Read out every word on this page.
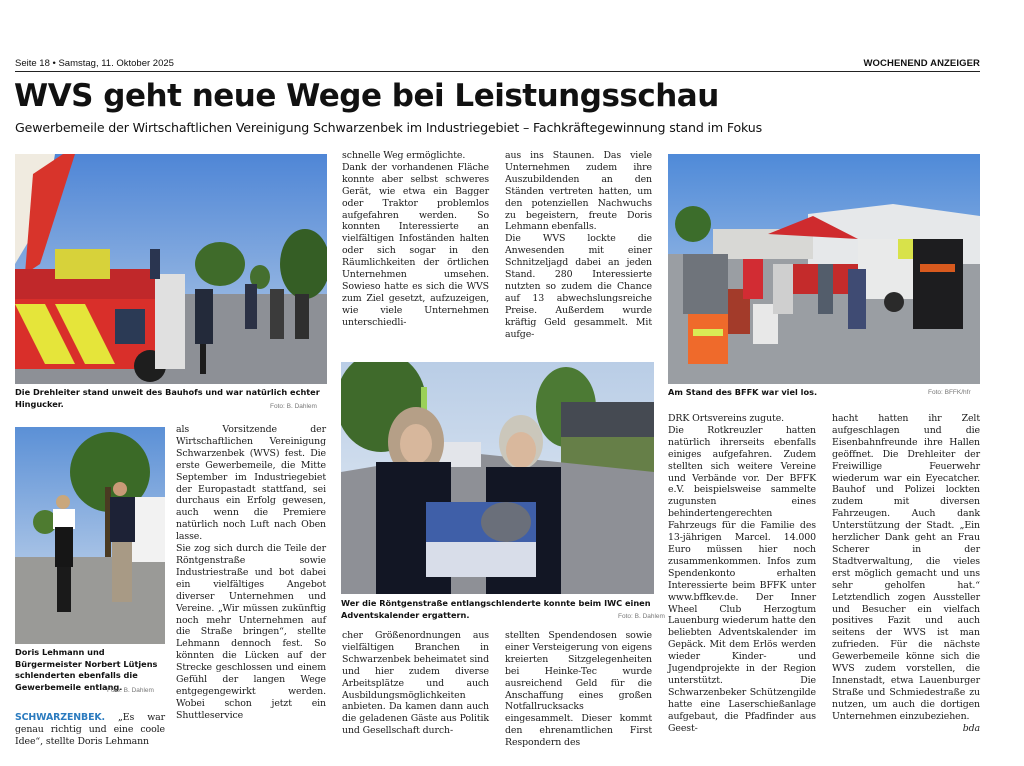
Seite 18 • Samstag, 11. Oktober 2025	WOCHENEND ANZEIGER
WVS geht neue Wege bei Leistungsschau
Gewerbemeile der Wirtschaftlichen Vereinigung Schwarzenbek im Industriegebiet – Fachkräftegewinnung stand im Fokus
Die Drehleiter stand unweit des Bauhofs und war natürlich echter Hingucker.	Foto: B. Dahlem

schnelle Weg ermöglichte.

Dank der vorhandenen Fläche konnte aber selbst schweres Gerät, wie etwa ein Bagger oder Traktor problemlos aufgefahren werden. So konnten Interessierte an vielfältigen Infoständen halten oder sich sogar in den Räumlichkeiten der örtlichen Unternehmen umsehen. Sowieso hatte es sich die WVS zum Ziel gesetzt, aufzuzeigen, wie viele Unternehmen unterschiedli-

aus ins Staunen. Das viele Unternehmen zudem ihre Auszubildenden an den Ständen vertreten hatten, um den potenziellen Nachwuchs zu begeistern, freute Doris Lehmann ebenfalls.

Die WVS lockte die Anwesenden mit einer Schnitzeljagd dabei an jeden Stand. 280 Interessierte nutzten so zudem die Chance auf 13 abwechslungsreiche Preise. Außerdem wurde kräftig Geld gesammelt. Mit aufge-

Am Stand des BFFK war viel los.	Foto: BFFK/hfr
Doris Lehmann und Bürgermeister Norbert Lütjens schlenderten ebenfalls die Gewerbemeile entlang.
Foto: B. Dahlem

SCHWARZENBEK. „Es war genau richtig und eine coole Idee“, stellte Doris Lehmann

als Vorsitzende der Wirtschaftlichen Vereinigung Schwarzenbek (WVS) fest. Die erste Gewerbemeile, die Mitte September im Industriegebiet der Europastadt stattfand, sei durchaus ein Erfolg gewesen, auch wenn die Premiere natürlich noch Luft nach Oben lasse.

Sie zog sich durch die Teile der Röntgenstraße sowie Industriestraße und bot dabei ein vielfältiges Angebot diverser Unternehmen und Vereine. „Wir müssen zukünftig noch mehr Unternehmen auf die Straße bringen“, stellte Lehmann dennoch fest. So könnten die Lücken auf der Strecke geschlossen und einem Gefühl der langen Wege entgegengewirkt werden. Wobei schon jetzt ein Shuttleservice

Wer die Röntgenstraße entlangschlenderte konnte beim IWC einen Adventskalender ergattern.	Foto: B. Dahlem

cher Größenordnungen aus vielfältigen Branchen in Schwarzenbek beheimatet sind und hier zudem diverse Arbeitsplätze und auch Ausbildungsmöglichkeiten anbieten. Da kamen dann auch die geladenen Gäste aus Politik und Gesellschaft durch-

stellten Spendendosen sowie einer Versteigerung von eigens kreierten Sitzgelegenheiten bei Heinke-Tec wurde ausreichend Geld für die Anschaffung eines großen Notfallrucksacks eingesammelt. Dieser kommt den ehrenamtlichen First Respondern des

DRK Ortsvereins zugute.

Die Rotkreuzler hatten natürlich ihrerseits ebenfalls einiges aufgefahren. Zudem stellten sich weitere Vereine und Verbände vor. Der BFFK e.V. beispielsweise sammelte zugunsten eines behindertengerechten Fahrzeugs für die Familie des 13-jährigen Marcel. 14.000 Euro müssen hier noch zusammenkommen. Infos zum Spendenkonto erhalten Interessierte beim BFFK unter www.bffkev.de. Der Inner Wheel Club Herzogtum Lauenburg wiederum hatte den beliebten Adventskalender im Gepäck. Mit dem Erlös werden wieder Kinder- und Jugendprojekte in der Region unterstützt. Die Schwarzenbeker Schützengilde hatte eine Laserschießanlage aufgebaut, die Pfadfinder aus Geest-

hacht hatten ihr Zelt aufgeschlagen und die Eisenbahnfreunde ihre Hallen geöffnet. Die Drehleiter der Freiwillige Feuerwehr wiederum war ein Eyecatcher. Bauhof und Polizei lockten zudem mit diversen Fahrzeugen. Auch dank Unterstützung der Stadt. „Ein herzlicher Dank geht an Frau Scherer in der Stadtverwaltung, die vieles erst möglich gemacht und uns sehr geholfen hat.“ Letztendlich zogen Aussteller und Besucher ein vielfach positives Fazit und auch seitens der WVS ist man zufrieden. Für die nächste Gewerbemeile könne sich die WVS zudem vorstellen, die Innenstadt, etwa Lauenburger Straße und Schmiedestraße zu nutzen, um auch die dortigen Unternehmen einzubeziehen.
bda
